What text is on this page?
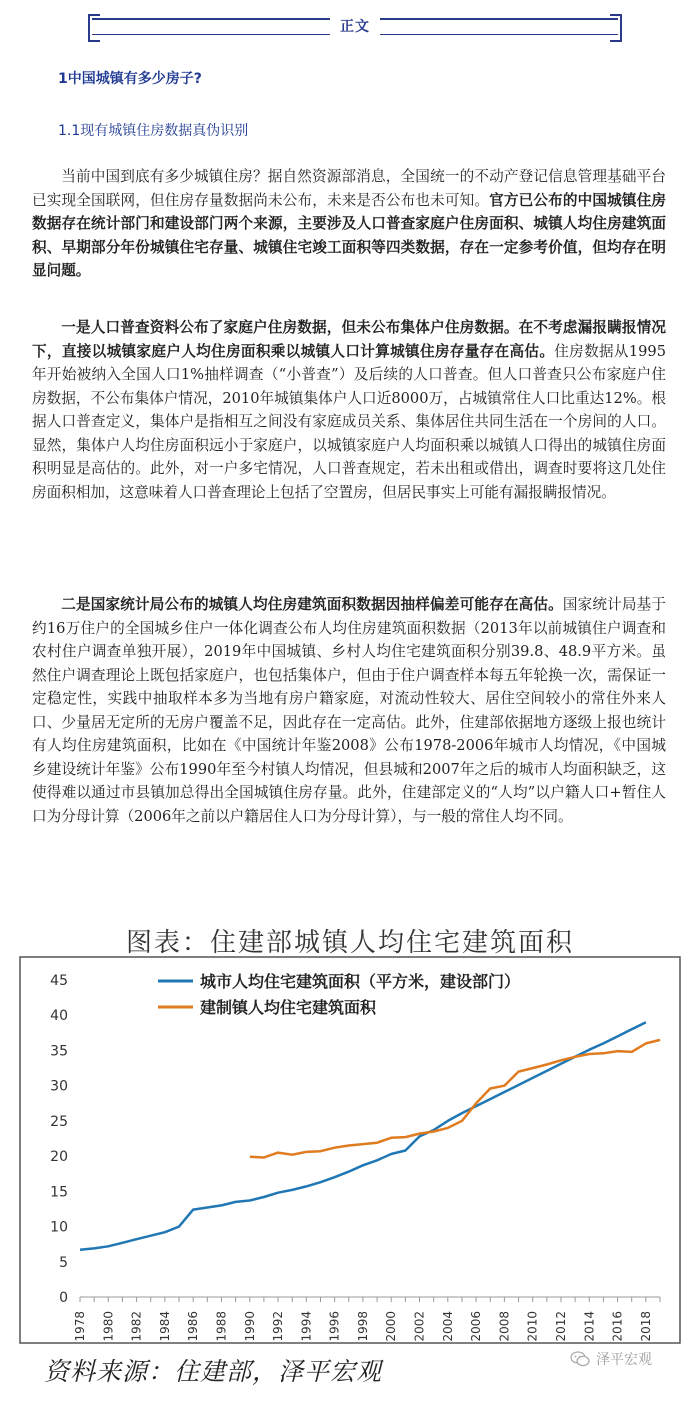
正文
1中国城镇有多少房子?
1.1现有城镇住房数据真伪识别

当前中国到底有多少城镇住房？据自然资源部消息，全国统一的不动产登记信息管理基础平台已实现全国联网，但住房存量数据尚未公布，未来是否公布也未可知。官方已公布的中国城镇住房数据存在统计部门和建设部门两个来源，主要涉及人口普查家庭户住房面积、城镇人均住房建筑面积、早期部分年份城镇住宅存量、城镇住宅竣工面积等四类数据，存在一定参考价值，但均存在明显问题。

一是人口普查资料公布了家庭户住房数据，但未公布集体户住房数据。在不考虑漏报瞒报情况下，直接以城镇家庭户人均住房面积乘以城镇人口计算城镇住房存量存在高估。住房数据从1995年开始被纳入全国人口1%抽样调查（“小普查”）及后续的人口普查。但人口普查只公布家庭户住房数据，不公布集体户情况，2010年城镇集体户人口近8000万，占城镇常住人口比重达12%。根据人口普查定义，集体户是指相互之间没有家庭成员关系、集体居住共同生活在一个房间的人口。显然，集体户人均住房面积远小于家庭户，以城镇家庭户人均面积乘以城镇人口得出的城镇住房面积明显是高估的。此外，对一户多宅情况，人口普查规定，若未出租或借出，调查时要将这几处住房面积相加，这意味着人口普查理论上包括了空置房，但居民事实上可能有漏报瞒报情况。

二是国家统计局公布的城镇人均住房建筑面积数据因抽样偏差可能存在高估。国家统计局基于约16万住户的全国城乡住户一体化调查公布人均住房建筑面积数据（2013年以前城镇住户调查和农村住户调查单独开展），2019年中国城镇、乡村人均住宅建筑面积分别39.8、48.9平方米。虽然住户调查理论上既包括家庭户，也包括集体户，但由于住户调查样本每五年轮换一次，需保证一定稳定性，实践中抽取样本多为当地有房户籍家庭，对流动性较大、居住空间较小的常住外来人口、少量居无定所的无房户覆盖不足，因此存在一定高估。此外，住建部依据地方逐级上报也统计有人均住房建筑面积，比如在《中国统计年鉴2008》公布1978-2006年城市人均情况，《中国城乡建设统计年鉴》公布1990年至今村镇人均情况，但县城和2007年之后的城市人均面积缺乏，这使得难以通过市县镇加总得出全国城镇住房存量。此外，住建部定义的“人均”以户籍人口+暂住人口为分母计算（2006年之前以户籍居住人口为分母计算），与一般的常住人均不同。

图表：住建部城镇人均住宅建筑面积
0
5
10
15
20
25
30
35
40
45
1978 1980 1982 1984 1986 1988 1990 1992 1994 1996 1998 2000 2002 2004 2006 2008 2010 2012 2014 2016 2018
城市人均住宅建筑面积（平方米，建设部门）
建制镇人均住宅建筑面积
资料来源：住建部，泽平宏观	泽平宏观
